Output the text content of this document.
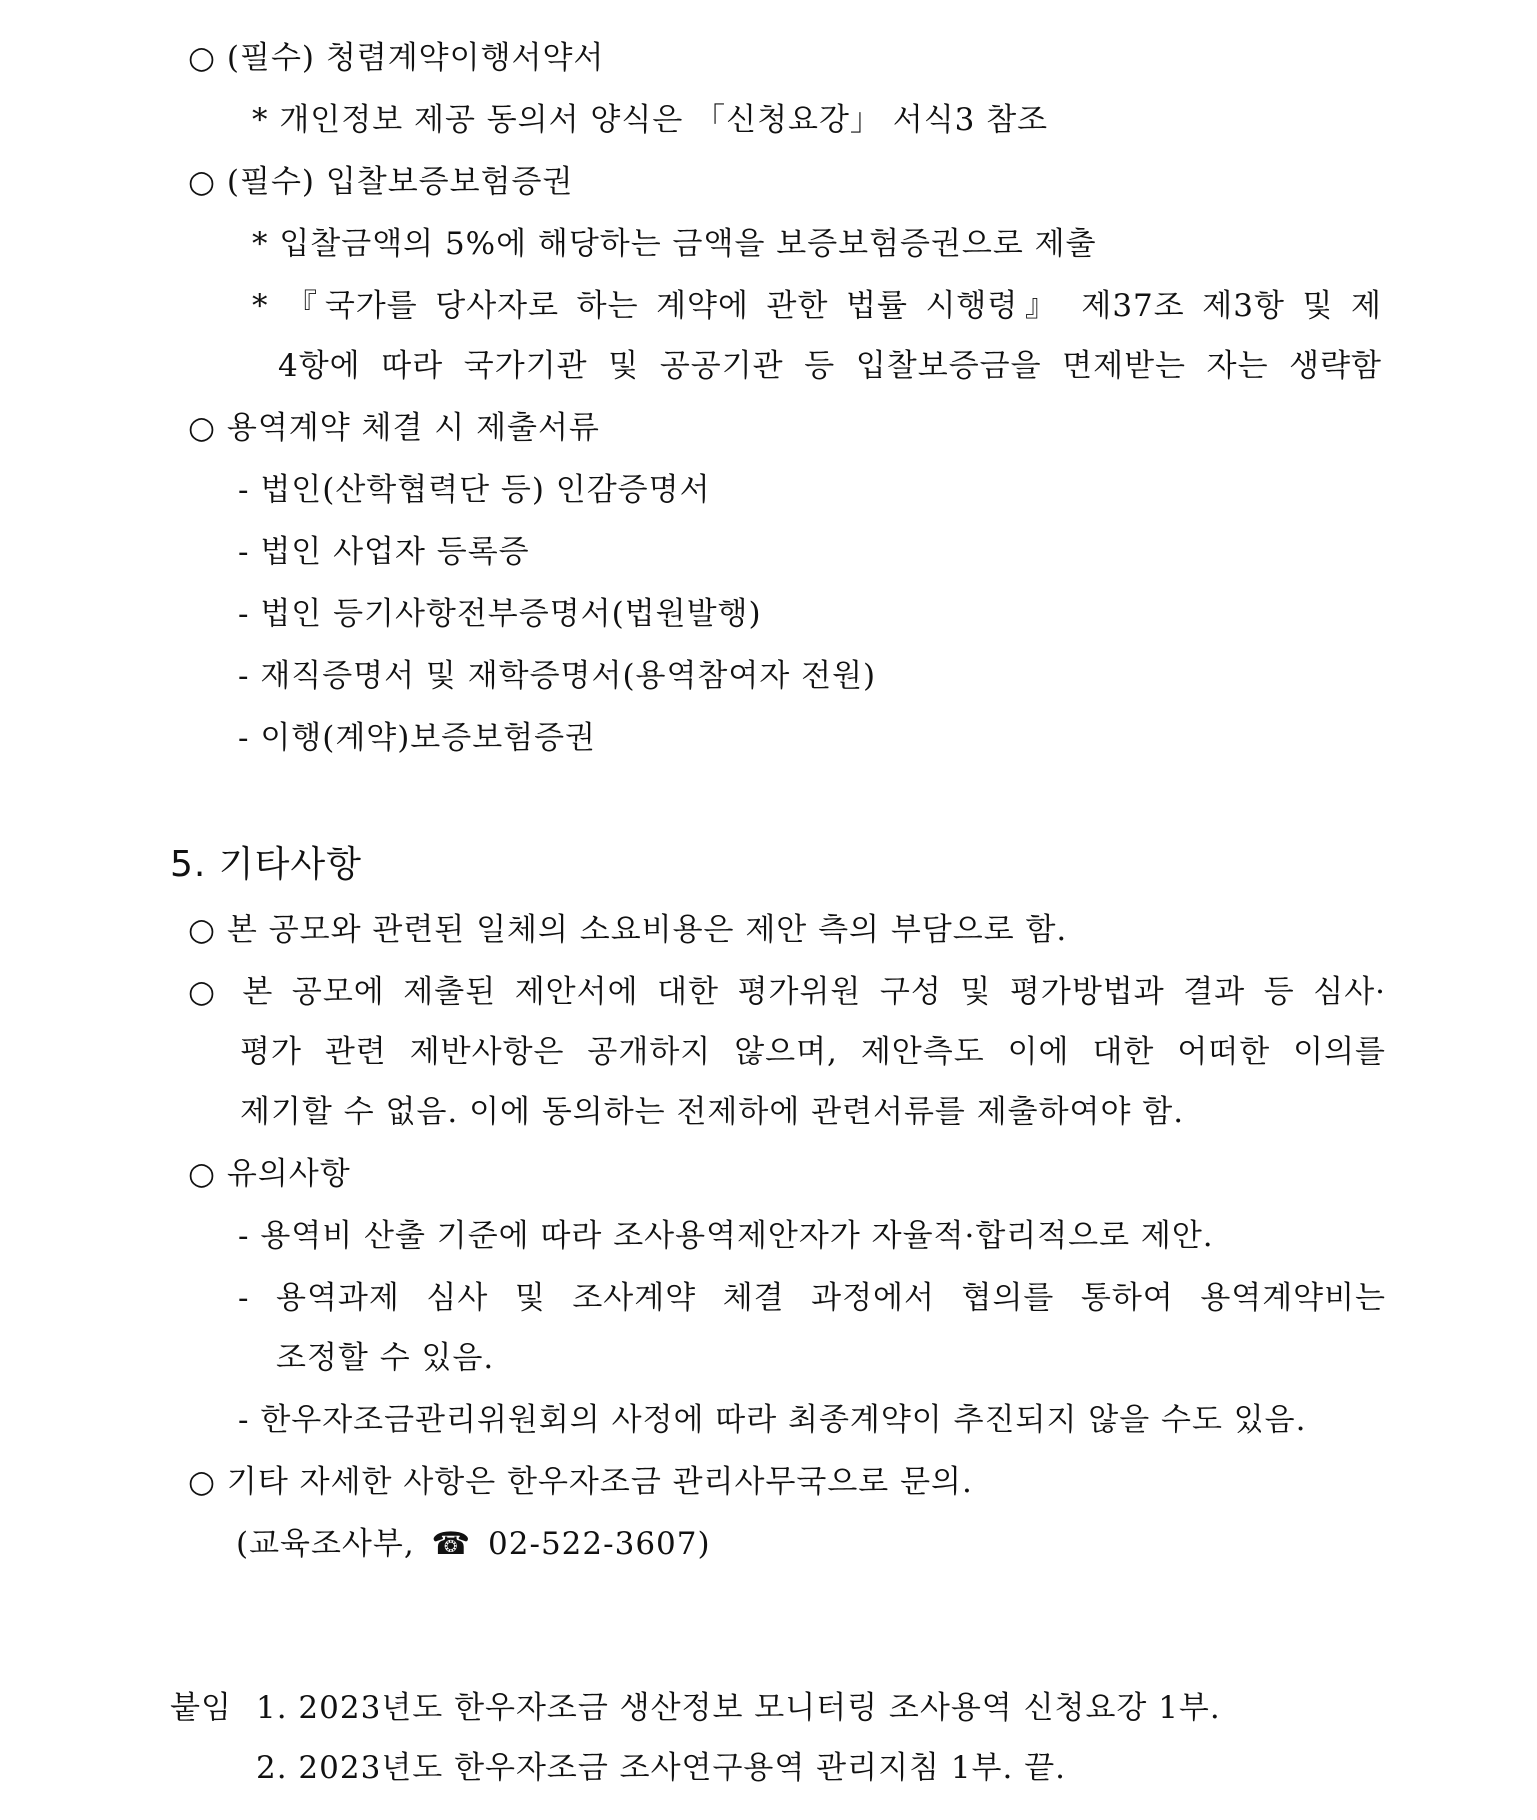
○ (필수) 청렴계약이행서약서
* 개인정보 제공 동의서 양식은 「신청요강」 서식3 참조
○ (필수) 입찰보증보험증권
* 입찰금액의 5%에 해당하는 금액을 보증보험증권으로 제출
* 『국가를 당사자로 하는 계약에 관한 법률 시행령』 제37조 제3항 및 제
4항에 따라 국가기관 및 공공기관 등 입찰보증금을 면제받는 자는 생략함
○ 용역계약 체결 시 제출서류
- 법인(산학협력단 등) 인감증명서
- 법인 사업자 등록증
- 법인 등기사항전부증명서(법원발행)
- 재직증명서 및 재학증명서(용역참여자 전원)
- 이행(계약)보증보험증권
5. 기타사항
○ 본 공모와 관련된 일체의 소요비용은 제안 측의 부담으로 함.
○ 본 공모에 제출된 제안서에 대한 평가위원 구성 및 평가방법과 결과 등 심사·
평가 관련 제반사항은 공개하지 않으며, 제안측도 이에 대한 어떠한 이의를
제기할 수 없음. 이에 동의하는 전제하에 관련서류를 제출하여야 함.
○ 유의사항
- 용역비 산출 기준에 따라 조사용역제안자가 자율적·합리적으로 제안.
- 용역과제 심사 및 조사계약 체결 과정에서 협의를 통하여 용역계약비는
조정할 수 있음.
- 한우자조금관리위원회의 사정에 따라 최종계약이 추진되지 않을 수도 있음.
○ 기타 자세한 사항은 한우자조금 관리사무국으로 문의.
(교육조사부, ☎ 02-522-3607)
붙임 1. 2023년도 한우자조금 생산정보 모니터링 조사용역 신청요강 1부.
2. 2023년도 한우자조금 조사연구용역 관리지침 1부. 끝.
